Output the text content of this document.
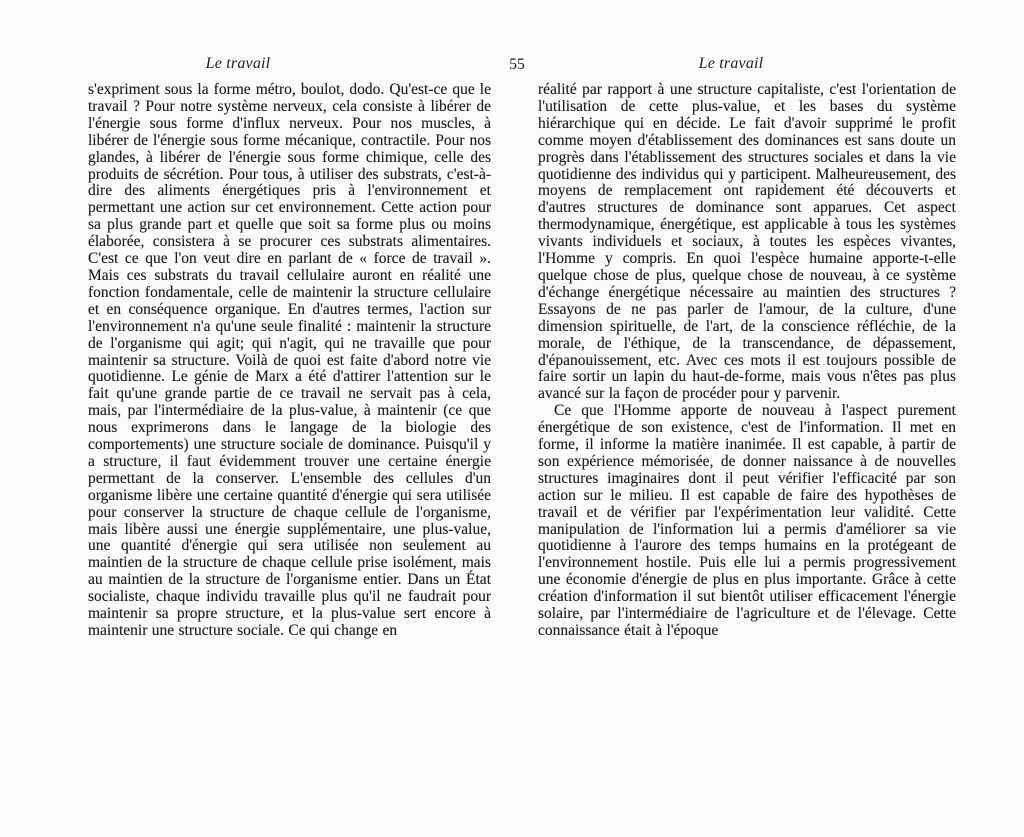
Le travail	55	Le travail

s'expriment sous la forme métro, boulot, dodo. Qu'est-ce que le travail ? Pour notre système nerveux, cela consiste à libérer de l'énergie sous forme d'influx nerveux. Pour nos muscles, à libérer de l'énergie sous forme mécanique, contractile. Pour nos glandes, à libérer de l'énergie sous forme chimique, celle des produits de sécrétion. Pour tous, à utiliser des substrats, c'est-à-dire des aliments énergétiques pris à l'environnement et permettant une action sur cet environnement. Cette action pour sa plus grande part et quelle que soit sa forme plus ou moins élaborée, consistera à se procurer ces substrats alimentaires. C'est ce que l'on veut dire en parlant de « force de travail ». Mais ces substrats du travail cellulaire auront en réalité une fonction fondamentale, celle de maintenir la structure cellulaire et en conséquence organique. En d'autres termes, l'action sur l'environnement n'a qu'une seule finalité : maintenir la structure de l'organisme qui agit; qui n'agit, qui ne travaille que pour maintenir sa structure. Voilà de quoi est faite d'abord notre vie quotidienne. Le génie de Marx a été d'attirer l'attention sur le fait qu'une grande partie de ce travail ne servait pas à cela, mais, par l'intermédiaire de la plus-value, à maintenir (ce que nous exprimerons dans le langage de la biologie des comportements) une structure sociale de dominance. Puisqu'il y a structure, il faut évidemment trouver une certaine énergie permettant de la conserver. L'ensemble des cellules d'un organisme libère une certaine quantité d'énergie qui sera utilisée pour conserver la structure de chaque cellule de l'organisme, mais libère aussi une énergie supplémentaire, une plus-value, une quantité d'énergie qui sera utilisée non seulement au maintien de la structure de chaque cellule prise isolément, mais au maintien de la structure de l'organisme entier. Dans un État socialiste, chaque individu travaille plus qu'il ne faudrait pour maintenir sa propre structure, et la plus-value sert encore à maintenir une structure sociale. Ce qui change en

réalité par rapport à une structure capitaliste, c'est l'orientation de l'utilisation de cette plus-value, et les bases du système hiérarchique qui en décide. Le fait d'avoir supprimé le profit comme moyen d'établissement des dominances est sans doute un progrès dans l'établissement des structures sociales et dans la vie quotidienne des individus qui y participent. Malheureusement, des moyens de remplacement ont rapidement été découverts et d'autres structures de dominance sont apparues. Cet aspect thermodynamique, énergétique, est applicable à tous les systèmes vivants individuels et sociaux, à toutes les espèces vivantes, l'Homme y compris. En quoi l'espèce humaine apporte-t-elle quelque chose de plus, quelque chose de nouveau, à ce système d'échange énergétique nécessaire au maintien des structures ? Essayons de ne pas parler de l'amour, de la culture, d'une dimension spirituelle, de l'art, de la conscience réfléchie, de la morale, de l'éthique, de la transcendance, de dépassement, d'épanouissement, etc. Avec ces mots il est toujours possible de faire sortir un lapin du haut-de-forme, mais vous n'êtes pas plus avancé sur la façon de procéder pour y parvenir.

Ce que l'Homme apporte de nouveau à l'aspect purement énergétique de son existence, c'est de l'information. Il met en forme, il informe la matière inanimée. Il est capable, à partir de son expérience mémorisée, de donner naissance à de nouvelles structures imaginaires dont il peut vérifier l'efficacité par son action sur le milieu. Il est capable de faire des hypothèses de travail et de vérifier par l'expérimentation leur validité. Cette manipulation de l'information lui a permis d'améliorer sa vie quotidienne à l'aurore des temps humains en la protégeant de l'environnement hostile. Puis elle lui a permis progressivement une économie d'énergie de plus en plus importante. Grâce à cette création d'information il sut bientôt utiliser efficacement l'énergie solaire, par l'intermédiaire de l'agriculture et de l'élevage. Cette connaissance était à l'époque
